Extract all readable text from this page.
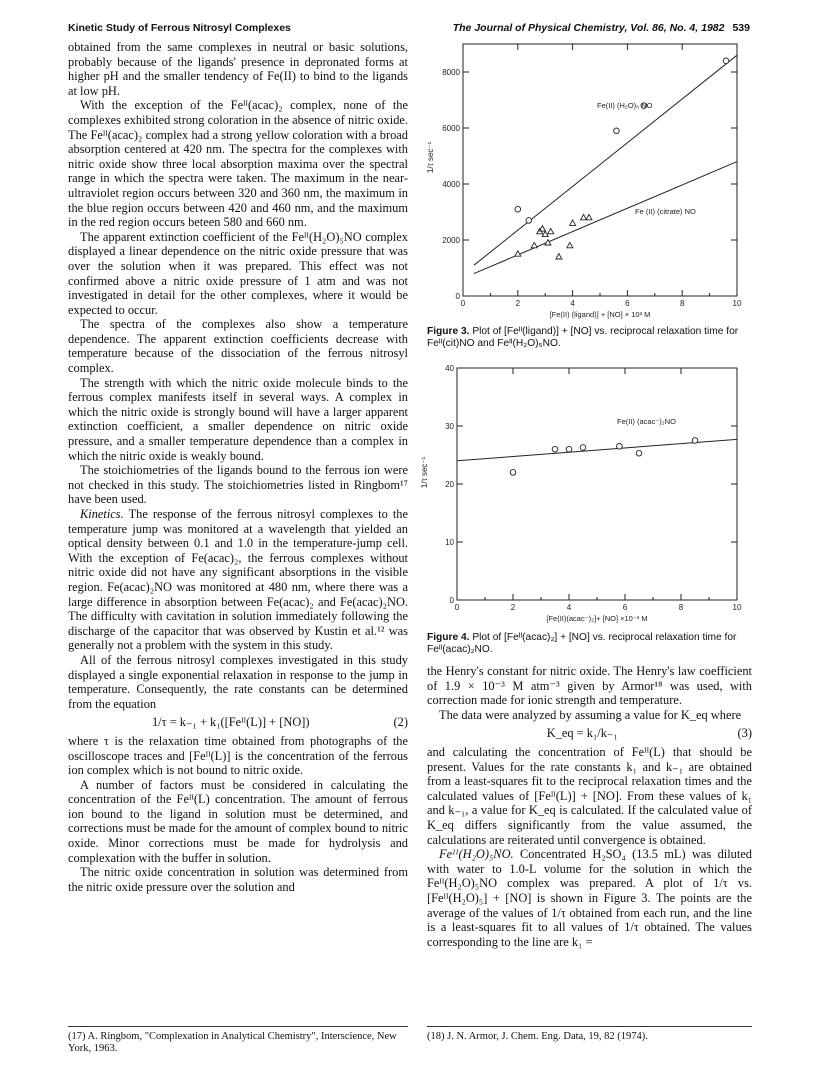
Kinetic Study of Ferrous Nitrosyl Complexes	The Journal of Physical Chemistry, Vol. 86, No. 4, 1982 539

obtained from the same complexes in neutral or basic solutions, probably because of the ligands' presence in depronated forms at higher pH and the smaller tendency of Fe(II) to bind to the ligands at low pH.

With the exception of the Feᴵᴵ(acac)₂ complex, none of the complexes exhibited strong coloration in the absence of nitric oxide. The Feᴵᴵ(acac)₂ complex had a strong yellow coloration with a broad absorption centered at 420 nm. The spectra for the complexes with nitric oxide show three local absorption maxima over the spectral range in which the spectra were taken. The maximum in the near-ultraviolet region occurs between 320 and 360 nm, the maximum in the blue region occurs between 420 and 460 nm, and the maximum in the red region occurs beteen 580 and 660 nm.

The apparent extinction coefficient of the Feᴵᴵ(H₂O)₅NO complex displayed a linear dependence on the nitric oxide pressure that was over the solution when it was prepared. This effect was not confirmed above a nitric oxide pressure of 1 atm and was not investigated in detail for the other complexes, where it would be expected to occur.

The spectra of the complexes also show a temperature dependence. The apparent extinction coefficients decrease with temperature because of the dissociation of the ferrous nitrosyl complex.

The strength with which the nitric oxide molecule binds to the ferrous complex manifests itself in several ways. A complex in which the nitric oxide is strongly bound will have a larger apparent extinction coefficient, a smaller dependence on nitric oxide pressure, and a smaller temperature dependence than a complex in which the nitric oxide is weakly bound.

The stoichiometries of the ligands bound to the ferrous ion were not checked in this study. The stoichiometries listed in Ringbom¹⁷ have been used.

Kinetics. The response of the ferrous nitrosyl complexes to the temperature jump was monitored at a wavelength that yielded an optical density between 0.1 and 1.0 in the temperature-jump cell. With the exception of Fe(acac)₂, the ferrous complexes without nitric oxide did not have any significant absorptions in the visible region. Fe(acac)₂NO was monitored at 480 nm, where there was a large difference in absorption between Fe(acac)₂ and Fe(acac)₂NO. The difficulty with cavitation in solution immediately following the discharge of the capacitor that was observed by Kustin et al.¹² was generally not a problem with the system in this study.

All of the ferrous nitrosyl complexes investigated in this study displayed a single exponential relaxation in response to the jump in temperature. Consequently, the rate constants can be determined from the equation

1/τ = k₋₁ + k₁([Feᴵᴵ(L)] + [NO])	(2)

where τ is the relaxation time obtained from photographs of the oscilloscope traces and [Feᴵᴵ(L)] is the concentration of the ferrous ion complex which is not bound to nitric oxide.

A number of factors must be considered in calculating the concentration of the Feᴵᴵ(L) concentration. The amount of ferrous ion bound to the ligand in solution must be determined, and corrections must be made for the amount of complex bound to nitric oxide. Minor corrections must be made for hydrolysis and complexation with the buffer in solution.

The nitric oxide concentration in solution was determined from the nitric oxide pressure over the solution and

(17) A. Ringbom, "Complexation in Analytical Chemistry", Interscience, New York, 1963.
0	2	4	6	8	10
0
2000
4000
6000
8000
[Fe(II) (ligand)] + [NO] × 10³ M
1/τ sec⁻¹
Fe(II) (H₂O)₅ NO
Fe (II) (citrate) NO
Figure 3. Plot of [Feᴵᴵ(ligand)] + [NO] vs. reciprocal relaxation time for Feᴵᴵ(cit)NO and Feᴵᴵ(H₂O)₅NO.
0	2	4	6	8	10
0
10
20
30
40
[Fe(II)(acac⁻)₂]+ [NO] ×10⁻³ M
1/τ sec⁻¹
Fe(II) (acac⁻)₂NO
Figure 4. Plot of [Feᴵᴵ(acac)₂] + [NO] vs. reciprocal relaxation time for Feᴵᴵ(acac)₂NO.

the Henry's constant for nitric oxide. The Henry's law coefficient of 1.9 × 10⁻³ M atm⁻³ given by Armor¹⁸ was used, with correction made for ionic strength and temperature.

The data were analyzed by assuming a value for K_eq where

K_eq = k₁/k₋₁	(3)

and calculating the concentration of Feᴵᴵ(L) that should be present. Values for the rate constants k₁ and k₋₁ are obtained from a least-squares fit to the reciprocal relaxation times and the calculated values of [Feᴵᴵ(L)] + [NO]. From these values of k₁ and k₋₁, a value for K_eq is calculated. If the calculated value of K_eq differs significantly from the value assumed, the calculations are reiterated until convergence is obtained.

Feᴵᴵ(H₂O)₅NO. Concentrated H₂SO₄ (13.5 mL) was diluted with water to 1.0-L volume for the solution in which the Feᴵᴵ(H₂O)₅NO complex was prepared. A plot of 1/τ vs. [Feᴵᴵ(H₂O)₅] + [NO] is shown in Figure 3. The points are the average of the values of 1/τ obtained from each run, and the line is a least-squares fit to all values of 1/τ obtained. The values corresponding to the line are k₁ =

(18) J. N. Armor, J. Chem. Eng. Data, 19, 82 (1974).
